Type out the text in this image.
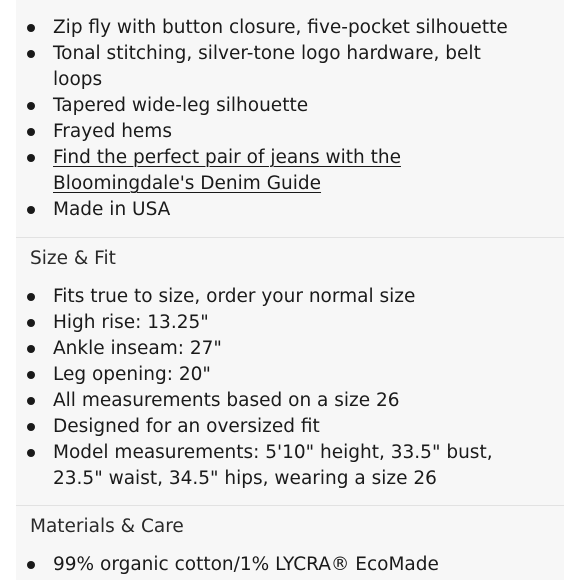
Zip fly with button closure, five-pocket silhouette
Tonal stitching, silver-tone logo hardware, belt loops
Tapered wide-leg silhouette
Frayed hems
Find the perfect pair of jeans with the Bloomingdale's Denim Guide
Made in USA
Size & Fit
Fits true to size, order your normal size
High rise: 13.25"
Ankle inseam: 27"
Leg opening: 20"
All measurements based on a size 26
Designed for an oversized fit
Model measurements: 5'10" height, 33.5" bust, 23.5" waist, 34.5" hips, wearing a size 26
Materials & Care
99% organic cotton/1% LYCRA® EcoMade
